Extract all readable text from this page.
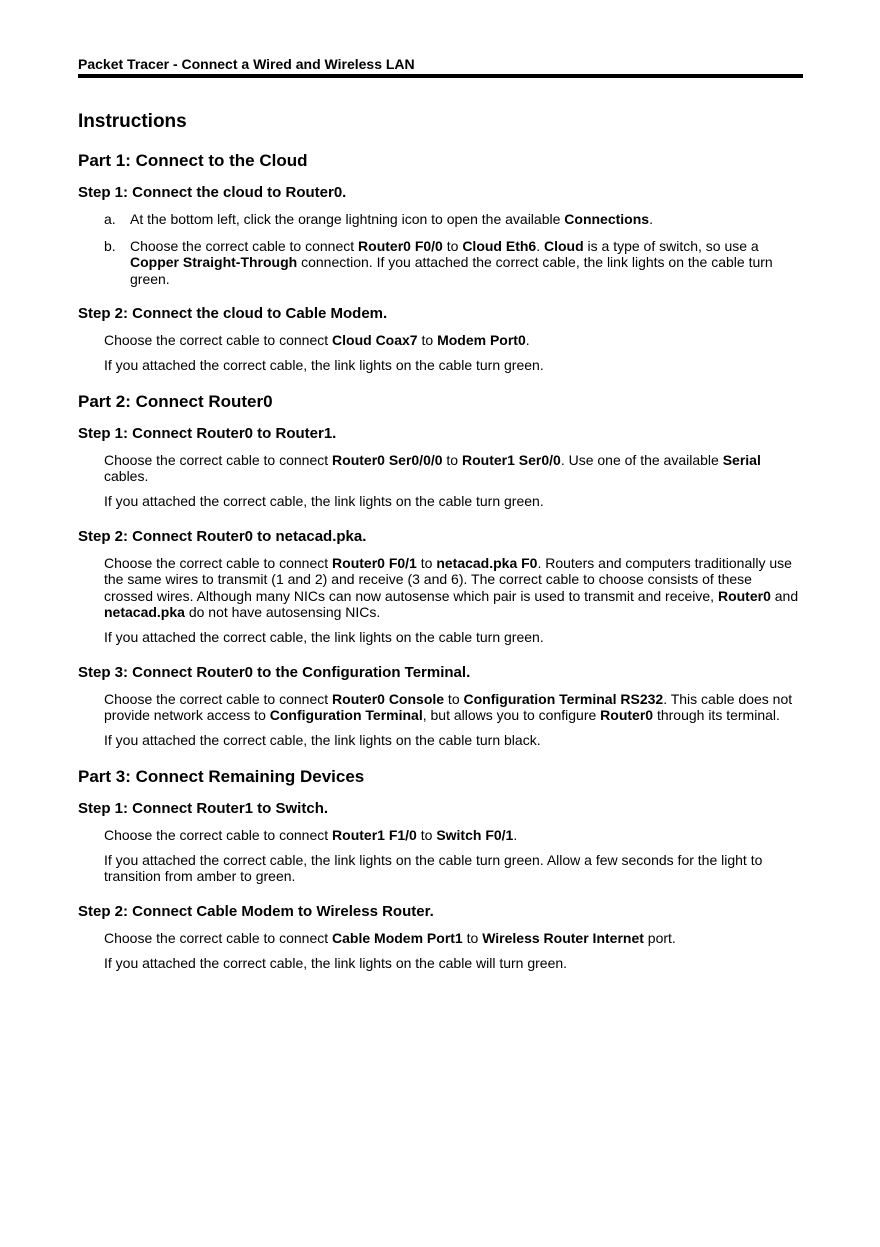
Packet Tracer - Connect a Wired and Wireless LAN
Instructions
Part 1: Connect to the Cloud
Step 1: Connect the cloud to Router0.
a.	At the bottom left, click the orange lightning icon to open the available Connections.
b.	Choose the correct cable to connect Router0 F0/0 to Cloud Eth6. Cloud is a type of switch, so use a Copper Straight-Through connection. If you attached the correct cable, the link lights on the cable turn green.
Step 2: Connect the cloud to Cable Modem.
Choose the correct cable to connect Cloud Coax7 to Modem Port0.
If you attached the correct cable, the link lights on the cable turn green.
Part 2: Connect Router0
Step 1: Connect Router0 to Router1.
Choose the correct cable to connect Router0 Ser0/0/0 to Router1 Ser0/0. Use one of the available Serial cables.
If you attached the correct cable, the link lights on the cable turn green.
Step 2: Connect Router0 to netacad.pka.
Choose the correct cable to connect Router0 F0/1 to netacad.pka F0. Routers and computers traditionally use the same wires to transmit (1 and 2) and receive (3 and 6). The correct cable to choose consists of these crossed wires. Although many NICs can now autosense which pair is used to transmit and receive, Router0 and netacad.pka do not have autosensing NICs.
If you attached the correct cable, the link lights on the cable turn green.
Step 3: Connect Router0 to the Configuration Terminal.
Choose the correct cable to connect Router0 Console to Configuration Terminal RS232. This cable does not provide network access to Configuration Terminal, but allows you to configure Router0 through its terminal.
If you attached the correct cable, the link lights on the cable turn black.
Part 3: Connect Remaining Devices
Step 1: Connect Router1 to Switch.
Choose the correct cable to connect Router1 F1/0 to Switch F0/1.
If you attached the correct cable, the link lights on the cable turn green. Allow a few seconds for the light to transition from amber to green.
Step 2: Connect Cable Modem to Wireless Router.
Choose the correct cable to connect Cable Modem Port1 to Wireless Router Internet port.
If you attached the correct cable, the link lights on the cable will turn green.
